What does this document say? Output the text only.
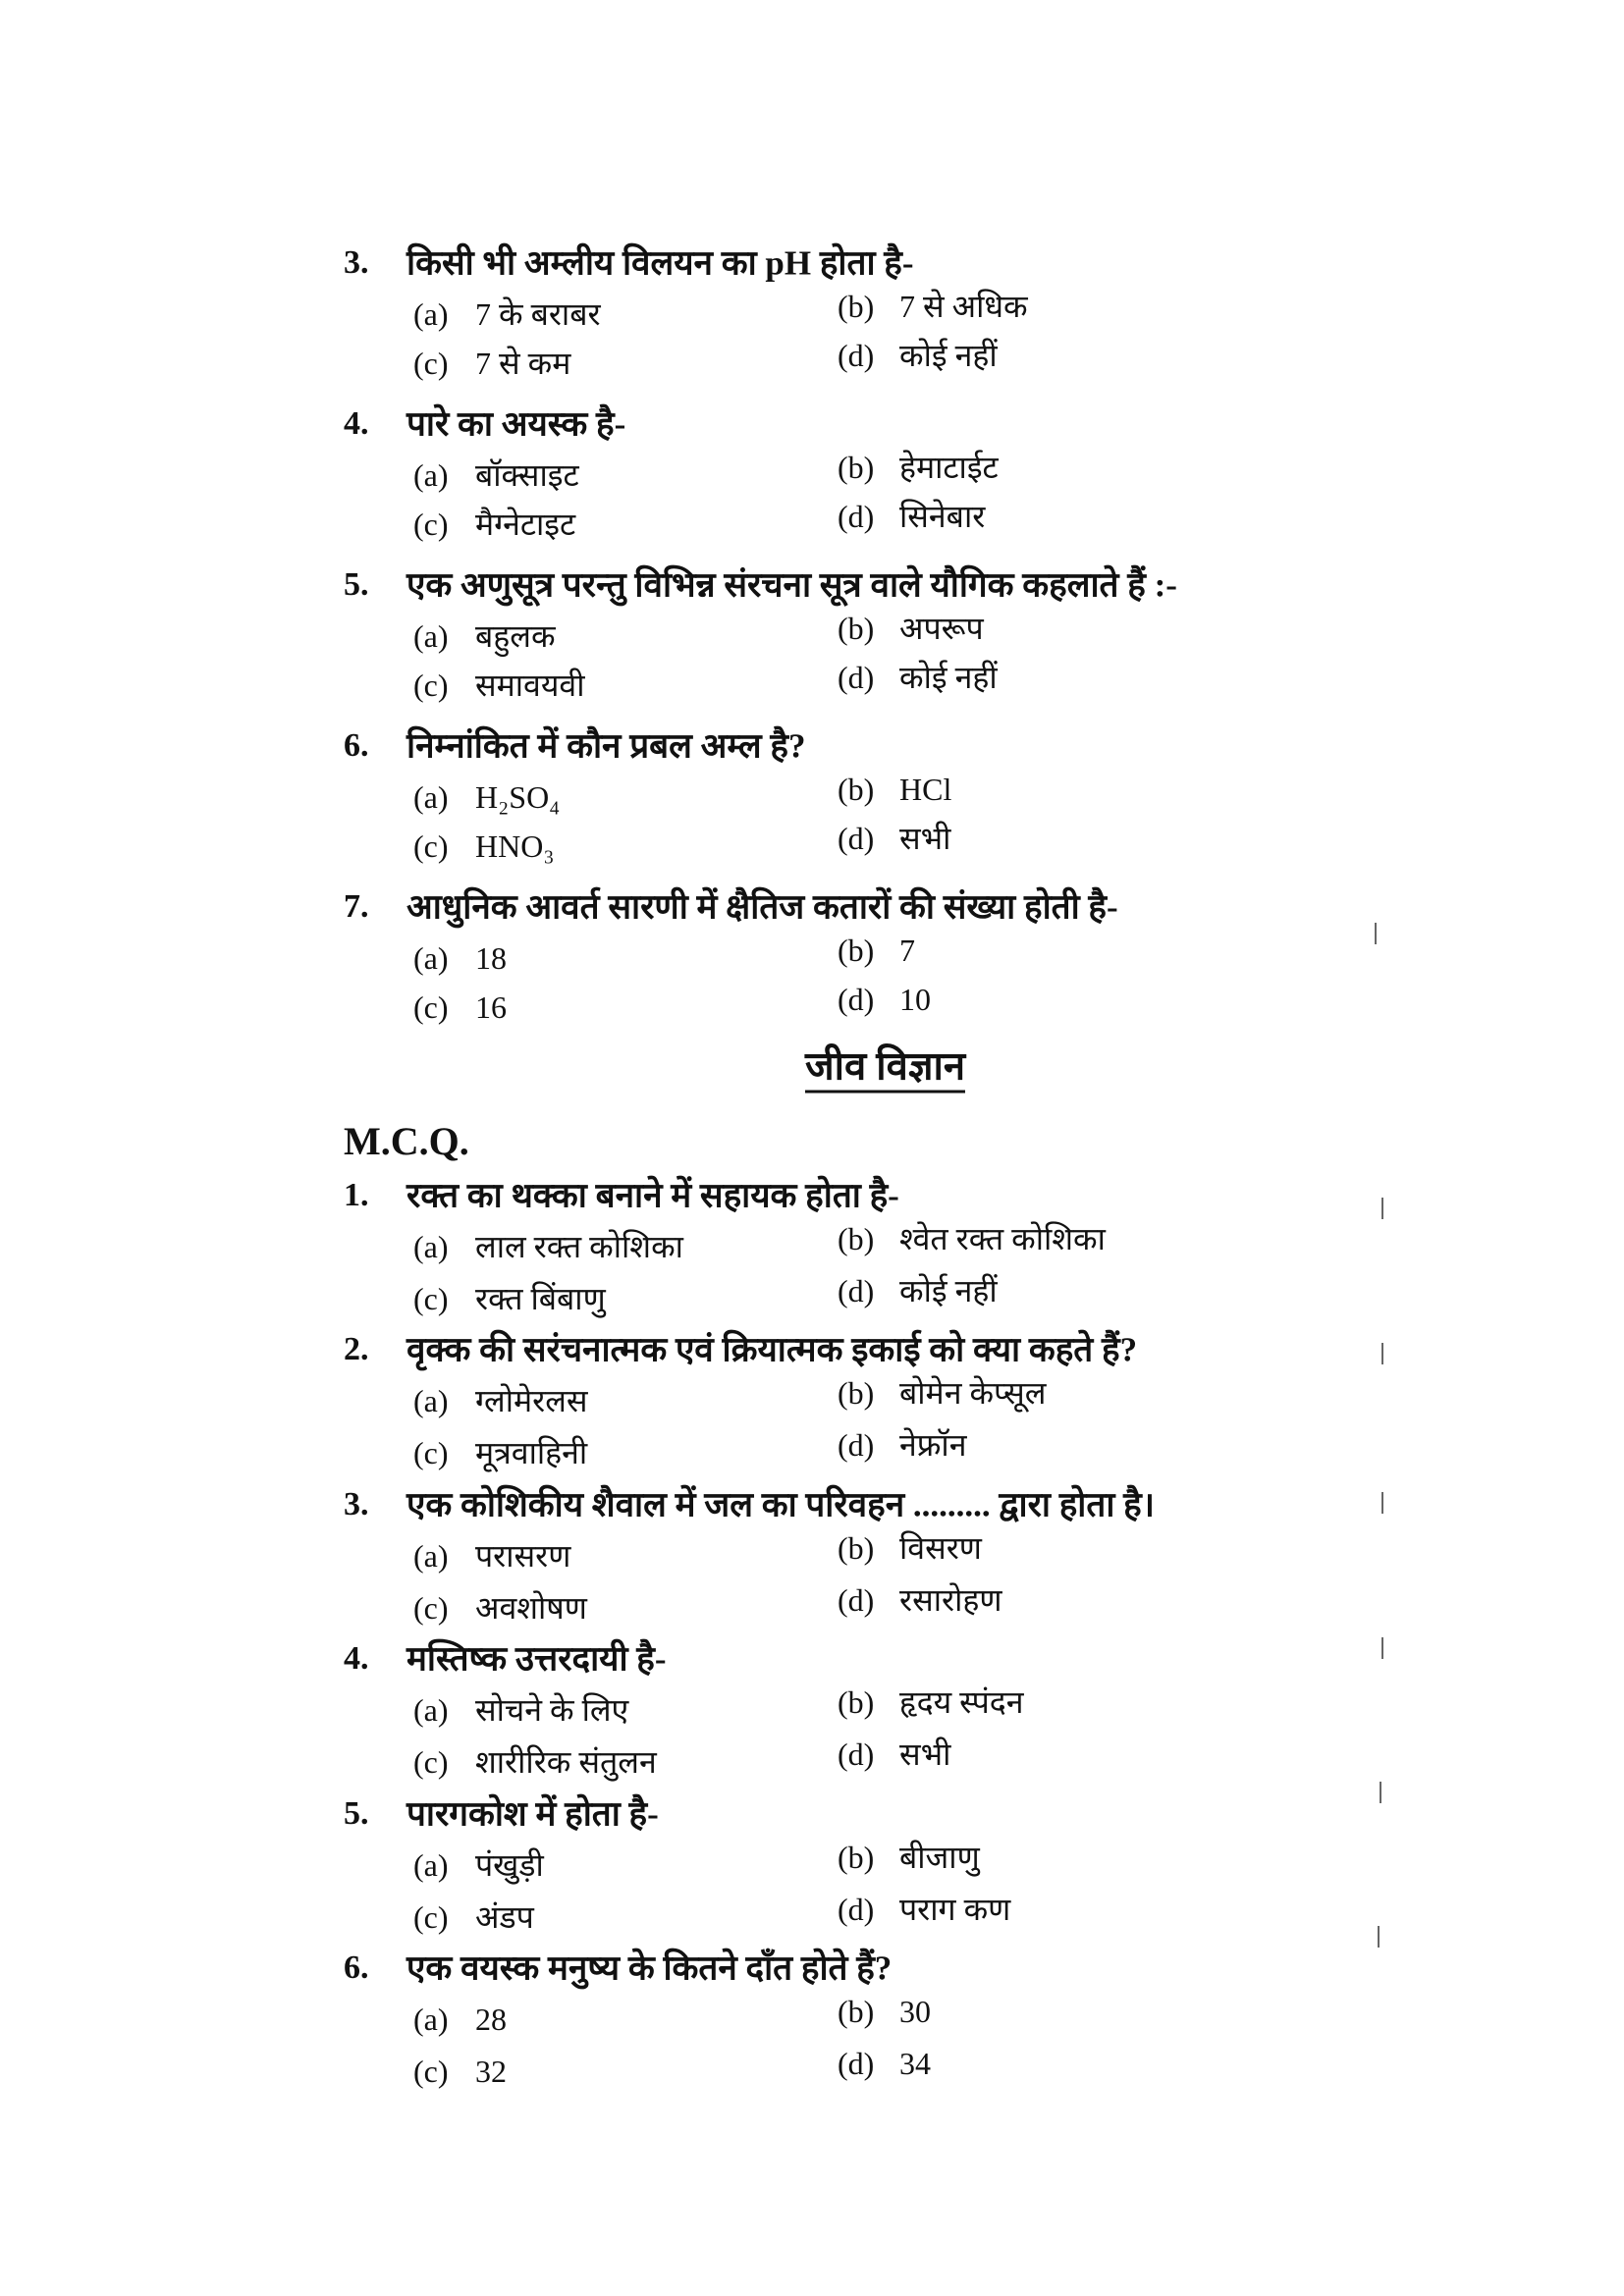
जीव विज्ञान
M.C.Q.
3. किसी भी अम्लीय विलयन का pH होता है-
(a) 7 के बराबर	(b) 7 से अधिक
(c) 7 से कम	(d) कोई नहीं
4. पारे का अयस्क है-
(a) बॉक्साइट	(b) हेमाटाईट
(c) मैग्नेटाइट	(d) सिनेबार
5. एक अणुसूत्र परन्तु विभिन्न संरचना सूत्र वाले यौगिक कहलाते हैं :-
(a) बहुलक	(b) अपरूप
(c) समावयवी	(d) कोई नहीं
6. निम्नांकित में कौन प्रबल अम्ल है?
(a) H₂SO₄	(b) HCl
(c) HNO₃	(d) सभी
7. आधुनिक आवर्त सारणी में क्षैतिज कतारों की संख्या होती है-
(a) 18	(b) 7
(c) 16	(d) 10
1. रक्त का थक्का बनाने में सहायक होता है-
(a) लाल रक्त कोशिका	(b) श्वेत रक्त कोशिका
(c) रक्त बिंबाणु	(d) कोई नहीं
2. वृक्क की सरंचनात्मक एवं क्रियात्मक इकाई को क्या कहते हैं?
(a) ग्लोमेरलस	(b) बोमेन केप्सूल
(c) मूत्रवाहिनी	(d) नेफ्रॉन
3. एक कोशिकीय शैवाल में जल का परिवहन ......... द्वारा होता है।
(a) परासरण	(b) विसरण
(c) अवशोषण	(d) रसारोहण
4. मस्तिष्क उत्तरदायी है-
(a) सोचने के लिए	(b) हृदय स्पंदन
(c) शारीरिक संतुलन	(d) सभी
5. पारगकोश में होता है-
(a) पंखुड़ी	(b) बीजाणु
(c) अंडप	(d) पराग कण
6. एक वयस्क मनुष्य के कितने दाँत होते हैं?
(a) 28	(b) 30
(c) 32	(d) 34
